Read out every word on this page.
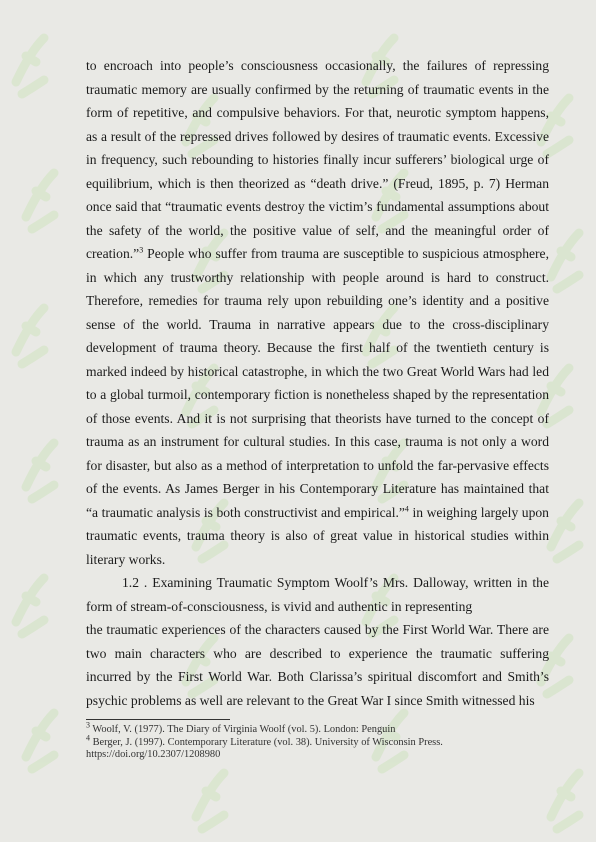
to encroach into people’s consciousness occasionally, the failures of repressing traumatic memory are usually confirmed by the returning of traumatic events in the form of repetitive, and compulsive behaviors. For that, neurotic symptom happens, as a result of the repressed drives followed by desires of traumatic events. Excessive in frequency, such rebounding to histories finally incur sufferers’ biological urge of equilibrium, which is then theorized as “death drive.” (Freud, 1895, p. 7) Herman once said that “traumatic events destroy the victim’s fundamental assumptions about the safety of the world, the positive value of self, and the meaningful order of creation.”$^3$ People who suffer from trauma are susceptible to suspicious atmosphere, in which any trustworthy relationship with people around is hard to construct. Therefore, remedies for trauma rely upon rebuilding one’s identity and a positive sense of the world. Trauma in narrative appears due to the cross-disciplinary development of trauma theory. Because the first half of the twentieth century is marked indeed by historical catastrophe, in which the two Great World Wars had led to a global turmoil, contemporary fiction is nonetheless shaped by the representation of those events. And it is not surprising that theorists have turned to the concept of trauma as an instrument for cultural studies. In this case, trauma is not only a word for disaster, but also as a method of interpretation to unfold the far-pervasive effects of the events. As James Berger in his Contemporary Literature has maintained that “a traumatic analysis is both constructivist and empirical.”$^4$ in weighing largely upon traumatic events, trauma theory is also of great value in historical studies within literary works.

1.2 . Examining Traumatic Symptom Woolf’s Mrs. Dalloway, written in the form of stream-of-consciousness, is vivid and authentic in representing

the traumatic experiences of the characters caused by the First World War. There are two main characters who are described to experience the traumatic suffering incurred by the First World War. Both Clarissa’s spiritual discomfort and Smith’s psychic problems as well are relevant to the Great War I since Smith witnessed his

$^3$ Woolf, V. (1977). The Diary of Virginia Woolf (vol. 5). London: Penguin

$^4$ Berger, J. (1997). Contemporary Literature (vol. 38). University of Wisconsin Press.

https://doi.org/10.2307/1208980
